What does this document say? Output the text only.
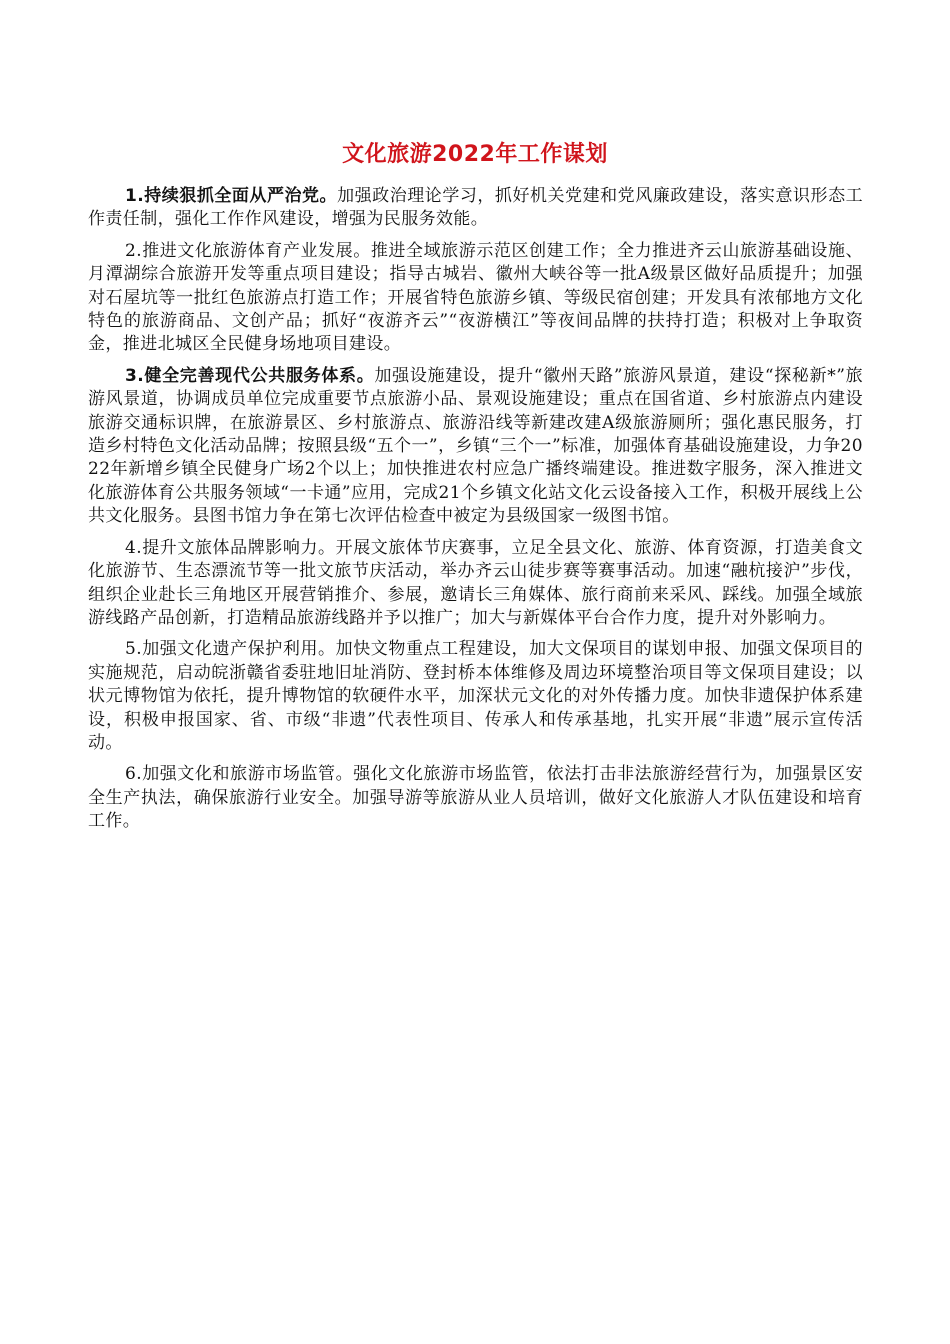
文化旅游2022年工作谋划

1.持续狠抓全面从严治党。加强政治理论学习，抓好机关党建和党风廉政建设，落实意识形态工作责任制，强化工作作风建设，增强为民服务效能。

2.推进文化旅游体育产业发展。推进全域旅游示范区创建工作；全力推进齐云山旅游基础设施、月潭湖综合旅游开发等重点项目建设；指导古城岩、徽州大峡谷等一批A级景区做好品质提升；加强对石屋坑等一批红色旅游点打造工作；开展省特色旅游乡镇、等级民宿创建；开发具有浓郁地方文化特色的旅游商品、文创产品；抓好“夜游齐云”“夜游横江”等夜间品牌的扶持打造；积极对上争取资金，推进北城区全民健身场地项目建设。

3.健全完善现代公共服务体系。加强设施建设，提升“徽州天路”旅游风景道，建设“探秘新*”旅游风景道，协调成员单位完成重要节点旅游小品、景观设施建设；重点在国省道、乡村旅游点内建设旅游交通标识牌，在旅游景区、乡村旅游点、旅游沿线等新建改建A级旅游厕所；强化惠民服务，打造乡村特色文化活动品牌；按照县级“五个一”，乡镇“三个一”标准，加强体育基础设施建设，力争2022年新增乡镇全民健身广场2个以上；加快推进农村应急广播终端建设。推进数字服务，深入推进文化旅游体育公共服务领域“一卡通”应用，完成21个乡镇文化站文化云设备接入工作，积极开展线上公共文化服务。县图书馆力争在第七次评估检查中被定为县级国家一级图书馆。

4.提升文旅体品牌影响力。开展文旅体节庆赛事，立足全县文化、旅游、体育资源，打造美食文化旅游节、生态漂流节等一批文旅节庆活动，举办齐云山徒步赛等赛事活动。加速“融杭接沪”步伐，组织企业赴长三角地区开展营销推介、参展，邀请长三角媒体、旅行商前来采风、踩线。加强全域旅游线路产品创新，打造精品旅游线路并予以推广；加大与新媒体平台合作力度，提升对外影响力。

5.加强文化遗产保护利用。加快文物重点工程建设，加大文保项目的谋划申报、加强文保项目的实施规范，启动皖浙赣省委驻地旧址消防、登封桥本体维修及周边环境整治项目等文保项目建设；以状元博物馆为依托，提升博物馆的软硬件水平，加深状元文化的对外传播力度。加快非遗保护体系建设，积极申报国家、省、市级“非遗”代表性项目、传承人和传承基地，扎实开展“非遗”展示宣传活动。

6.加强文化和旅游市场监管。强化文化旅游市场监管，依法打击非法旅游经营行为，加强景区安全生产执法，确保旅游行业安全。加强导游等旅游从业人员培训，做好文化旅游人才队伍建设和培育工作。
